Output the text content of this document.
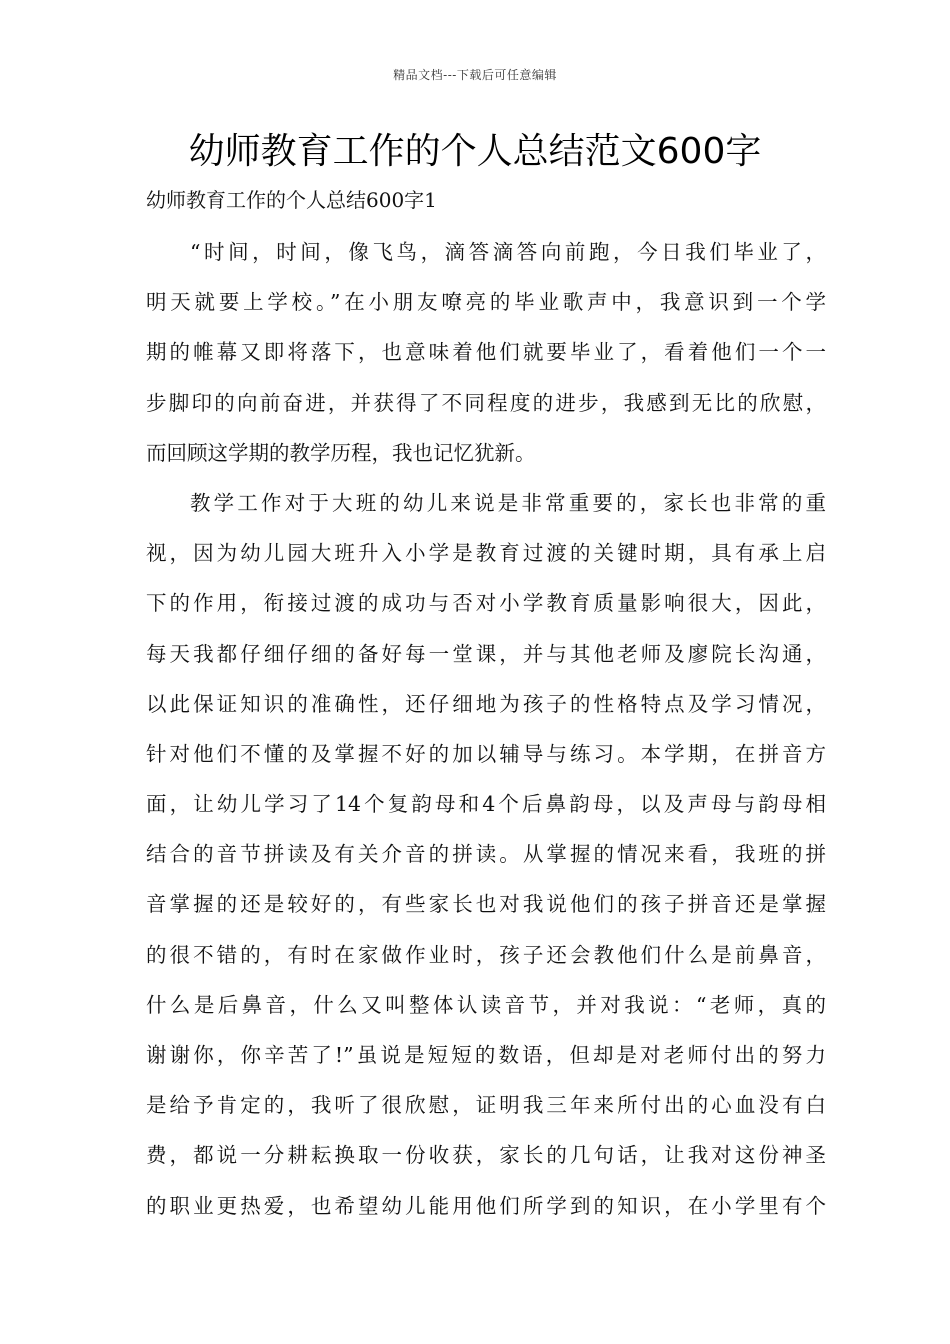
精品文档---下载后可任意编辑
幼师教育工作的个人总结范文600字
幼师教育工作的个人总结600字1
“时间，时间，像飞鸟，滴答滴答向前跑，今日我们毕业了，
明天就要上学校。”在小朋友嘹亮的毕业歌声中，我意识到一个学
期的帷幕又即将落下，也意味着他们就要毕业了，看着他们一个一
步脚印的向前奋进，并获得了不同程度的进步，我感到无比的欣慰，
而回顾这学期的教学历程，我也记忆犹新。
教学工作对于大班的幼儿来说是非常重要的，家长也非常的重
视，因为幼儿园大班升入小学是教育过渡的关键时期，具有承上启
下的作用，衔接过渡的成功与否对小学教育质量影响很大，因此，
每天我都仔细仔细的备好每一堂课，并与其他老师及廖院长沟通，
以此保证知识的准确性，还仔细地为孩子的性格特点及学习情况，
针对他们不懂的及掌握不好的加以辅导与练习。本学期，在拼音方
面，让幼儿学习了14个复韵母和4个后鼻韵母，以及声母与韵母相
结合的音节拼读及有关介音的拼读。从掌握的情况来看，我班的拼
音掌握的还是较好的，有些家长也对我说他们的孩子拼音还是掌握
的很不错的，有时在家做作业时，孩子还会教他们什么是前鼻音，
什么是后鼻音，什么又叫整体认读音节，并对我说：“老师，真的
谢谢你，你辛苦了!”虽说是短短的数语，但却是对老师付出的努力
是给予肯定的，我听了很欣慰，证明我三年来所付出的心血没有白
费，都说一分耕耘换取一份收获，家长的几句话，让我对这份神圣
的职业更热爱，也希望幼儿能用他们所学到的知识，在小学里有个
